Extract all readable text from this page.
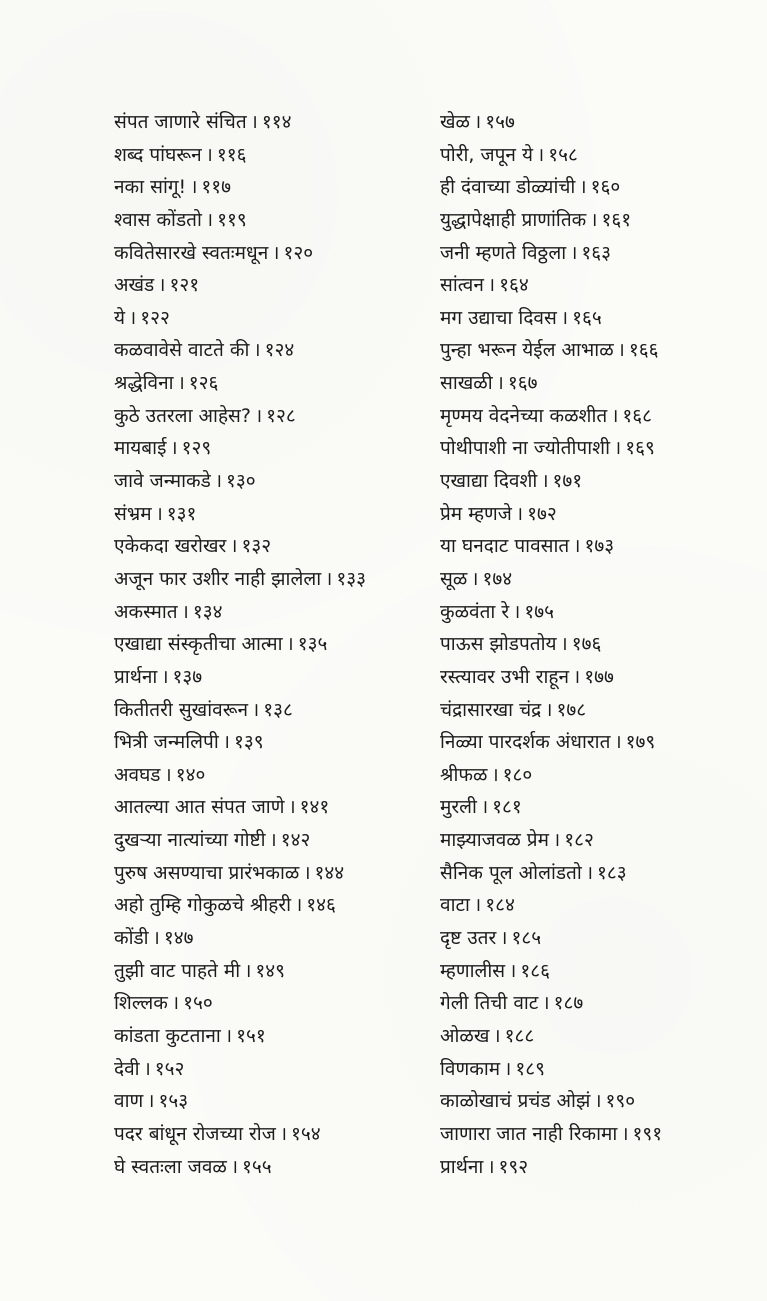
संपत जाणारे संचित । ११४
शब्द पांघरून । ११६
नका सांगू! । ११७
श्वास कोंडतो । ११९
कवितेसारखे स्वतःमधून । १२०
अखंड । १२१
ये । १२२
कळवावेसे वाटते की । १२४
श्रद्धेविना । १२६
कुठे उतरला आहेस? । १२८
मायबाई । १२९
जावे जन्माकडे । १३०
संभ्रम । १३१
एकेकदा खरोखर । १३२
अजून फार उशीर नाही झालेला । १३३
अकस्मात । १३४
एखाद्या संस्कृतीचा आत्मा । १३५
प्रार्थना । १३७
कितीतरी सुखांवरून । १३८
भित्री जन्मलिपी । १३९
अवघड । १४०
आतल्या आत संपत जाणे । १४१
दुखऱ्या नात्यांच्या गोष्टी । १४२
पुरुष असण्याचा प्रारंभकाळ । १४४
अहो तुम्हि गोकुळचे श्रीहरी । १४६
कोंडी । १४७
तुझी वाट पाहते मी । १४९
शिल्लक । १५०
कांडता कुटताना । १५१
देवी । १५२
वाण । १५३
पदर बांधून रोजच्या रोज । १५४
घे स्वतःला जवळ । १५५
खेळ । १५७
पोरी, जपून ये । १५८
ही दंवाच्या डोळ्यांची । १६०
युद्धापेक्षाही प्राणांतिक । १६१
जनी म्हणते विठ्ठला । १६३
सांत्वन । १६४
मग उद्याचा दिवस । १६५
पुन्हा भरून येईल आभाळ । १६६
साखळी । १६७
मृण्मय वेदनेच्या कळशीत । १६८
पोथीपाशी ना ज्योतीपाशी । १६९
एखाद्या दिवशी । १७१
प्रेम म्हणजे । १७२
या घनदाट पावसात । १७३
सूळ । १७४
कुळवंता रे । १७५
पाऊस झोडपतोय । १७६
रस्त्यावर उभी राहून । १७७
चंद्रासारखा चंद्र । १७८
निळ्या पारदर्शक अंधारात । १७९
श्रीफळ । १८०
मुरली । १८१
माझ्याजवळ प्रेम । १८२
सैनिक पूल ओलांडतो । १८३
वाटा । १८४
दृष्ट उतर । १८५
म्हणालीस । १८६
गेली तिची वाट । १८७
ओळख । १८८
विणकाम । १८९
काळोखाचं प्रचंड ओझं । १९०
जाणारा जात नाही रिकामा । १९१
प्रार्थना । १९२
